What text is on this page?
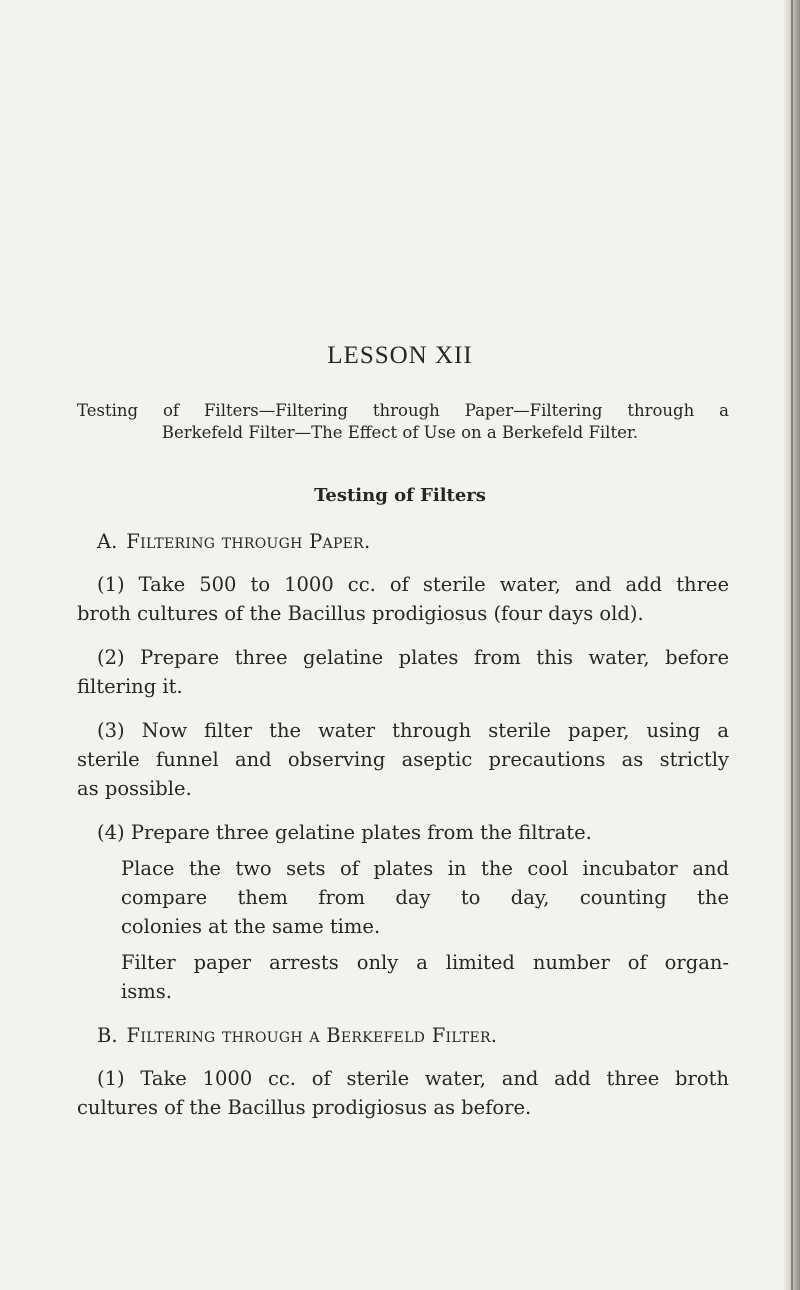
LESSON XII
Testing of Filters—Filtering through Paper—Filtering through a
Berkefeld Filter—The Effect of Use on a Berkefeld Filter.
Testing of Filters
A. Filtering through Paper.
(1) Take 500 to 1000 cc. of sterile water, and add three
broth cultures of the Bacillus prodigiosus (four days old).
(2) Prepare three gelatine plates from this water, before
filtering it.
(3) Now filter the water through sterile paper, using a
sterile funnel and observing aseptic precautions as strictly
as possible.
(4) Prepare three gelatine plates from the filtrate.
Place the two sets of plates in the cool incubator and
compare them from day to day, counting the
colonies at the same time.
Filter paper arrests only a limited number of organ-
isms.
B. Filtering through a Berkefeld Filter.
(1) Take 1000 cc. of sterile water, and add three broth
cultures of the Bacillus prodigiosus as before.
